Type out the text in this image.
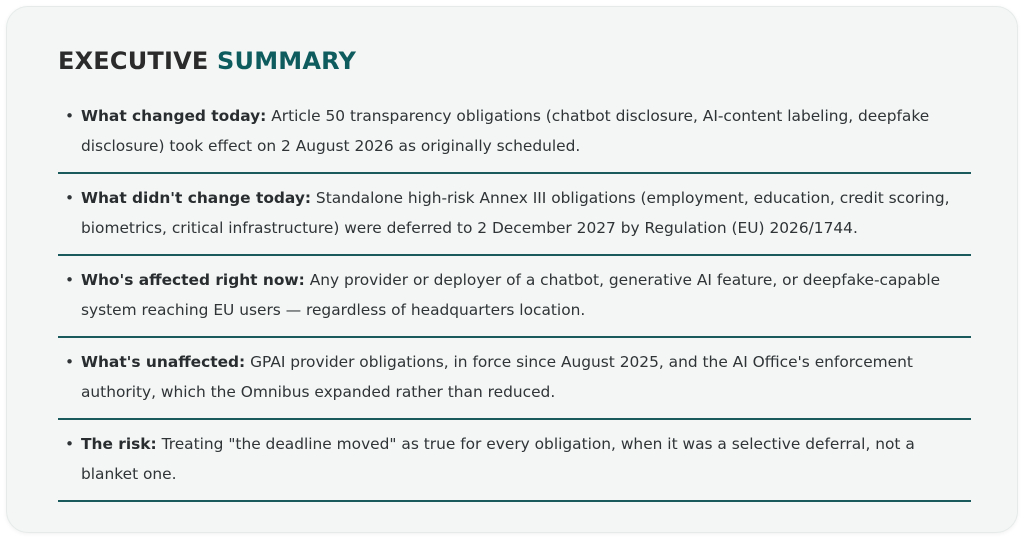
EXECUTIVE SUMMARY
• What changed today: Article 50 transparency obligations (chatbot disclosure, AI-content labeling, deepfake disclosure) took effect on 2 August 2026 as originally scheduled.
• What didn't change today: Standalone high-risk Annex III obligations (employment, education, credit scoring, biometrics, critical infrastructure) were deferred to 2 December 2027 by Regulation (EU) 2026/1744.
• Who's affected right now: Any provider or deployer of a chatbot, generative AI feature, or deepfake-capable system reaching EU users — regardless of headquarters location.
• What's unaffected: GPAI provider obligations, in force since August 2025, and the AI Office's enforcement authority, which the Omnibus expanded rather than reduced.
• The risk: Treating "the deadline moved" as true for every obligation, when it was a selective deferral, not a blanket one.
